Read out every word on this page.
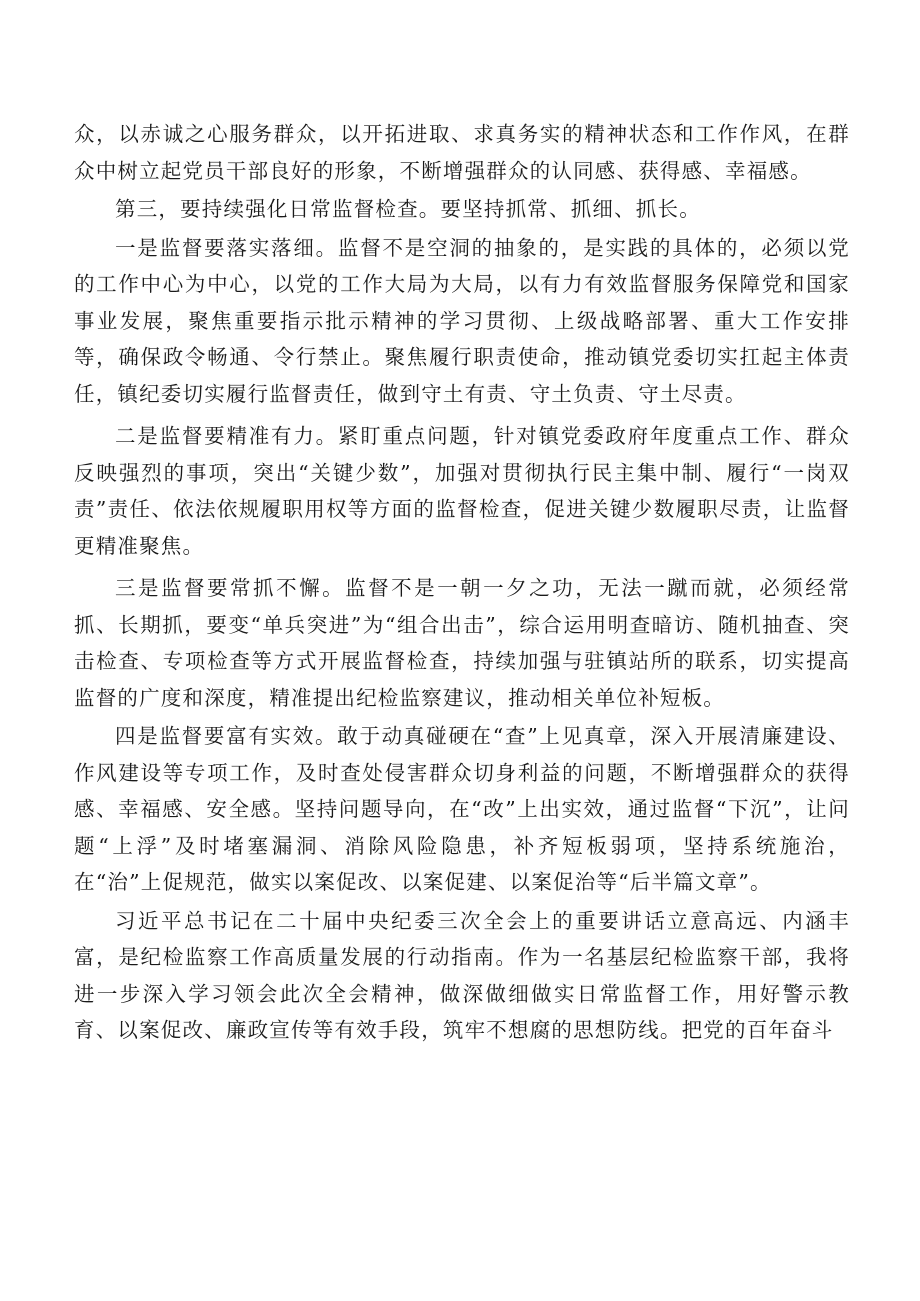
众，以赤诚之心服务群众，以开拓进取、求真务实的精神状态和工作作风，在群众中树立起党员干部良好的形象，不断增强群众的认同感、获得感、幸福感。

第三，要持续强化日常监督检查。要坚持抓常、抓细、抓长。

一是监督要落实落细。监督不是空洞的抽象的，是实践的具体的，必须以党的工作中心为中心，以党的工作大局为大局，以有力有效监督服务保障党和国家事业发展，聚焦重要指示批示精神的学习贯彻、上级战略部署、重大工作安排等，确保政令畅通、令行禁止。聚焦履行职责使命，推动镇党委切实扛起主体责任，镇纪委切实履行监督责任，做到守土有责、守土负责、守土尽责。

二是监督要精准有力。紧盯重点问题，针对镇党委政府年度重点工作、群众反映强烈的事项，突出“关键少数”，加强对贯彻执行民主集中制、履行“一岗双责”责任、依法依规履职用权等方面的监督检查，促进关键少数履职尽责，让监督更精准聚焦。

三是监督要常抓不懈。监督不是一朝一夕之功，无法一蹴而就，必须经常抓、长期抓，要变“单兵突进”为“组合出击”，综合运用明查暗访、随机抽查、突击检查、专项检查等方式开展监督检查，持续加强与驻镇站所的联系，切实提高监督的广度和深度，精准提出纪检监察建议，推动相关单位补短板。

四是监督要富有实效。敢于动真碰硬在“查”上见真章，深入开展清廉建设、作风建设等专项工作，及时查处侵害群众切身利益的问题，不断增强群众的获得感、幸福感、安全感。坚持问题导向，在“改”上出实效，通过监督“下沉”，让问题“上浮”及时堵塞漏洞、消除风险隐患，补齐短板弱项，坚持系统施治，在“治”上促规范，做实以案促改、以案促建、以案促治等“后半篇文章”。

习近平总书记在二十届中央纪委三次全会上的重要讲话立意高远、内涵丰富，是纪检监察工作高质量发展的行动指南。作为一名基层纪检监察干部，我将进一步深入学习领会此次全会精神，做深做细做实日常监督工作，用好警示教育、以案促改、廉政宣传等有效手段，筑牢不想腐的思想防线。把党的百年奋斗
